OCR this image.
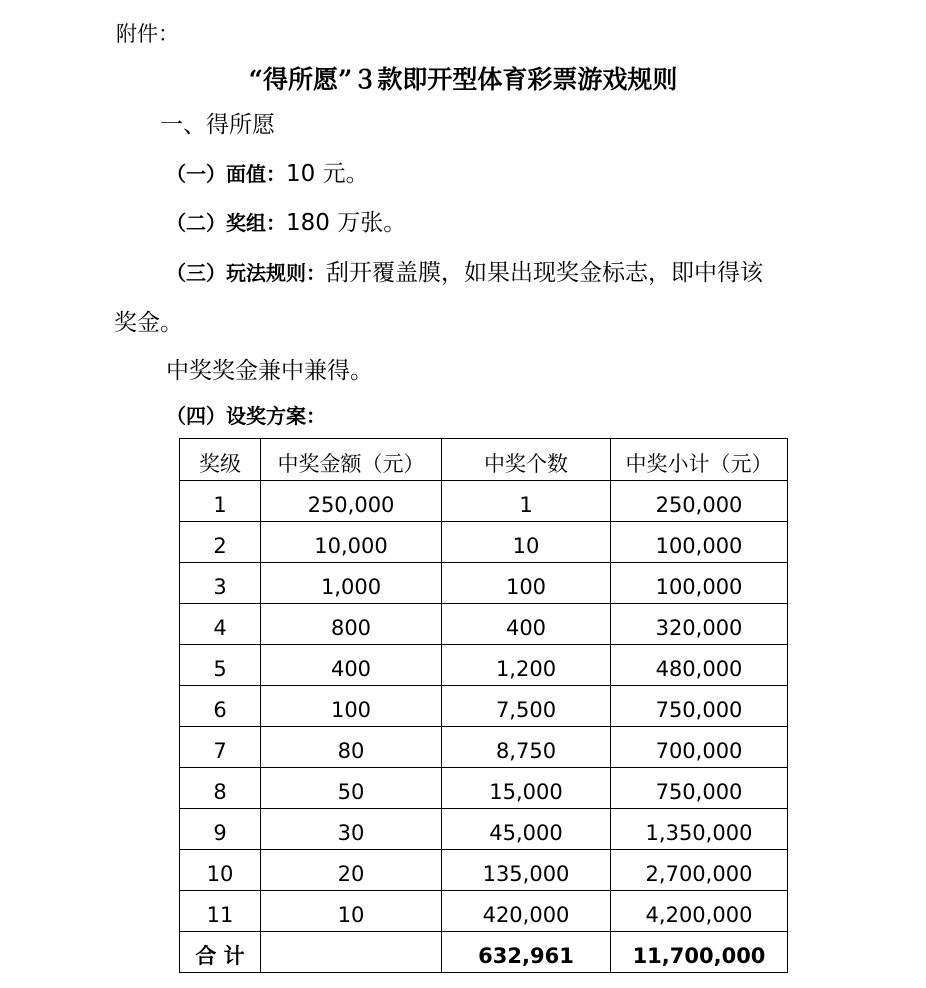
附件：
“得所愿”３款即开型体育彩票游戏规则
一、得所愿
（一）面值：10 元。
（二）奖组：180 万张。
（三）玩法规则：刮开覆盖膜，如果出现奖金标志，即中得该
奖金。
中奖奖金兼中兼得。
（四）设奖方案：
奖级	中奖金额（元）	中奖个数	中奖小计（元）
1	250,000	1	250,000
2	10,000	10	100,000
3	1,000	100	100,000
4	800	400	320,000
5	400	1,200	480,000
6	100	7,500	750,000
7	80	8,750	700,000
8	50	15,000	750,000
9	30	45,000	1,350,000
10	20	135,000	2,700,000
11	10	420,000	4,200,000
合 计		632,961	11,700,000
